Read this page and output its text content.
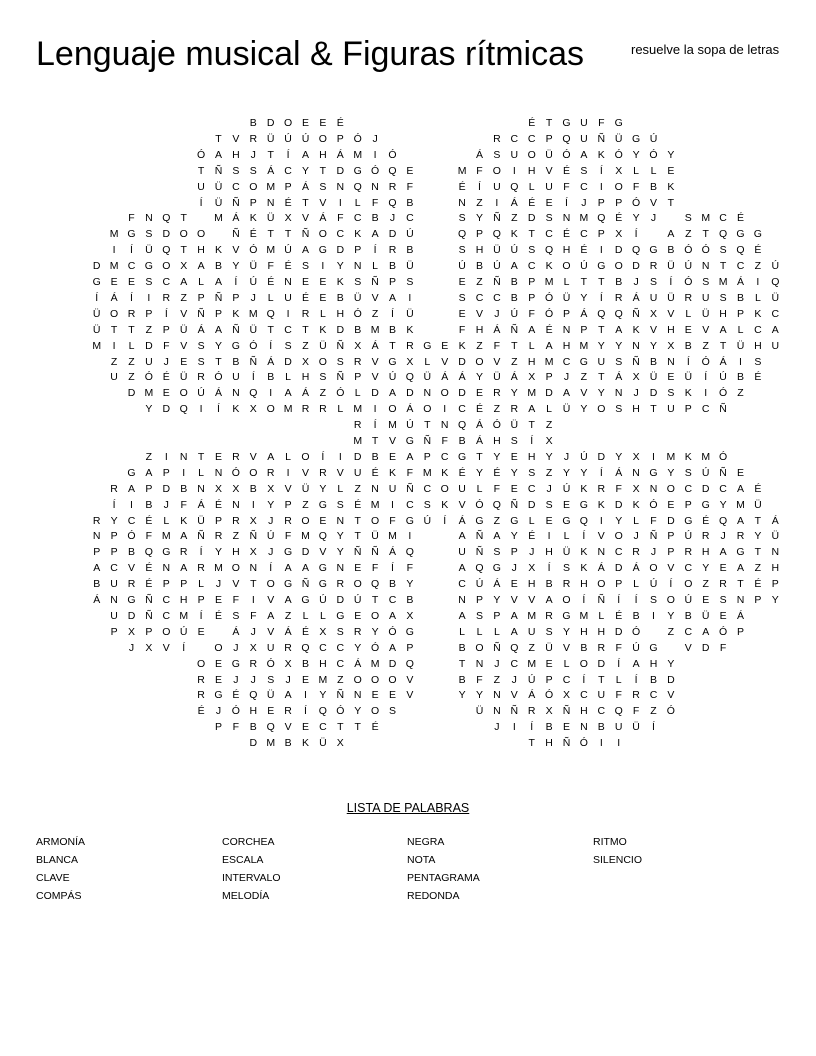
Lenguaje musical & Figuras rítmicas	resuelve la sopa de letras
B D O E E É	É	T G U F G
T	V R Ü Ú Ú O P Ó	J	R C C P Q U Ñ Ü G Ú
Ó A H	J	T	Í	A H Á M	I	Ó	Á S U O Ü Ó A K Ó Y Ó Y
T Ñ S S Á C Y	T D G Ó Q E	M F O	I	H V É S	Í	X	L	L	E
U Ü C O M P Á S N Q N R F	É	Í	U Q L	U F C	I	O F	B K
Í	Ü Ñ P N É	T	V	I	L	F Q B	N Z	I	Á É E	Í	J	P P Ó V	T
F N Q T	M Á K Ü X V Á	F C B	J	C	S Y Ñ Z D S N M Q É Y	J	S M C É
M G S D O O	Ñ É	T	T Ñ O C K A D Ú	Q P Q K	T C É C P X	Í	A	Z	T Q G G
I	Í	Ü Q T H K V Ó M Ú A G D P	Í	R B	S H Ü Ú S Q H É	I	D Q G B Ó Ó S Q É
D M C G O X A B Y Ü F	É S	I	Y N	L	B Ü	Ú B Ú A C K O Ú G O D R Ü Ú N T C Z Ú
G E E S C A	L	A	Í	Ú É N E E K S Ñ P S	E	Z Ñ B P M L	T	T	B	J	S	Í	Ó S M Á	I	Q
Í	Á	Í	I	R Z	P Ñ P	J	L	U É E B Ü V A	I	S C C B P Ó Ü Y	Í	R Á U Ü R U S B	L	Ü
Ü O R P	Í	V Ñ P K M Q	I	R	L	H Ó Z	Í	Ü	E V	J	Ú F Ó P Á Q Q Ñ X V	L	Ü H P K C
Ü T	T	Z	P Ü Á A Ñ Ü T C T	K D B M B K	F H Á Ñ A É N P	T	A K V H E V A	L	C A
M	I	L	D F	V S Y G Ó	Í	S	Z Ü Ñ X Á	T R G E K	Z	F	T	L	A H M Y Y N Y X B	Z	T Ü H U
Z	Z U	J	E S	T	B Ñ Á D X O S R V G X	L	V D O V	Z H M C G U S Ñ B N	Í	Ó Á	I	S
U Z Ó É Ü R Ó U	Í	B	L	H S Ñ P V Ú Q Ü Á Á Y Ü Á X P	J	Z	T	Á X Ü E Ü	Í	Ú B É
D M E O Ú Á N Q	I	A Á	Z Ó L	D A D N O D E R Y M D A V Y N	J	D S K	I	Ó Z
Y D Q	I	Í	K X O M R R	L M	I	O Á O	I	C É	Z R A	L	Ü Y O S H T U P C Ñ
R	Í	M Ú T N Q Á Ó Ü T	Z
M T	V G Ñ F	B Á H S	Í	X
Z	I	N T	E R V A	L O	Í	I	D B E A P C G T	Y E H Y	J	Ú D Y X	I	M K M Ó
G A P	I	L	N Ó O R	I	V R V U É K	F M K É Y É Y S	Z	Y Y	Í	Á N G Y S Ú Ñ E
R A P D B N X X B X V Ü Y	L	Z N U Ñ C O U	L	F	E C	J	Ú K R F	X N O C D C A É
Í	I	B	J	F	Á É N	I	Y P	Z G S É M	I	C S K V Ó Q Ñ D S E G K D K Ó E P G Y M Ü
R Y C É	L	K Ü P R X	J	R O E N T O F G Ú	Í	Á G Z G L	E G Q	I	Y	L	F D G É Q A	T	Á
N P Ó F M A Ñ R Z Ñ Ú F M Q Y	T Ü M	I	A Ñ A Y É	I	L	Í	V O	J	Ñ P Ú R	J	R Y Ü
P P B Q G R	Í	Y H X	J	G D V Y Ñ Ñ Á Q	U Ñ S P	J	H Ü K N C R	J	P R H A G T N
A C V É N A R M O N	Í	A A G N E	F	Í	F	A Q G	J	X	Í	S K Á D Á O V C Y E A	Z H
B U R É P P	L	J	V	T O G Ñ G R O Q B Y	C Ú Á E H B R H O P	L	Ú	Í	O Z R T	É P
Á N G Ñ C H P E	F	I	V A G Ú D Ú T C B	N P Y V V A O	Í	Ñ	Í	Í	S O Ú E S N P Y
U D Ñ C M	Í	É S	F	A	Z	L	L G E O A X	A S P A M R G M L	É B	I	Y B Ü E Á
P X P O Ú E	Á	J	V Á É X S R Y Ó G	L	L	L	A U S Y H H D Ó	Z C A Ó P
J	X V	Í	O	J	X U R Q C C Y Ó A P	B O Ñ Q Z Ü V B R F Ú G	V D F
O E G R Ó X B H C Á M D Q	T N	J	C M E	L O D	Í	A H Y
R E	J	J	S	J	E M Z O O O V	B	F	Z	J	Ú P C	Í	T	L	Í	B D
R G É Q Ü A	I	Y Ñ N E E V	Y Y N V Á Ó X C U F R C V
É	J	Ó H E R	Í	Q Ó Y O S	Ü N Ñ R X Ñ H C Q F	Z Ó
P	F	B Q V E C T	T	É	J	I	Í	B E N B U Ü	Í
D M B K Ü X	T H Ñ Ó	I	I
LISTA DE PALABRAS
ARMONÍA
BLANCA
CLAVE
COMPÁS
CORCHEA
ESCALA
INTERVALO
MELODÍA
NEGRA
NOTA
PENTAGRAMA
REDONDA
RITMO
SILENCIO
